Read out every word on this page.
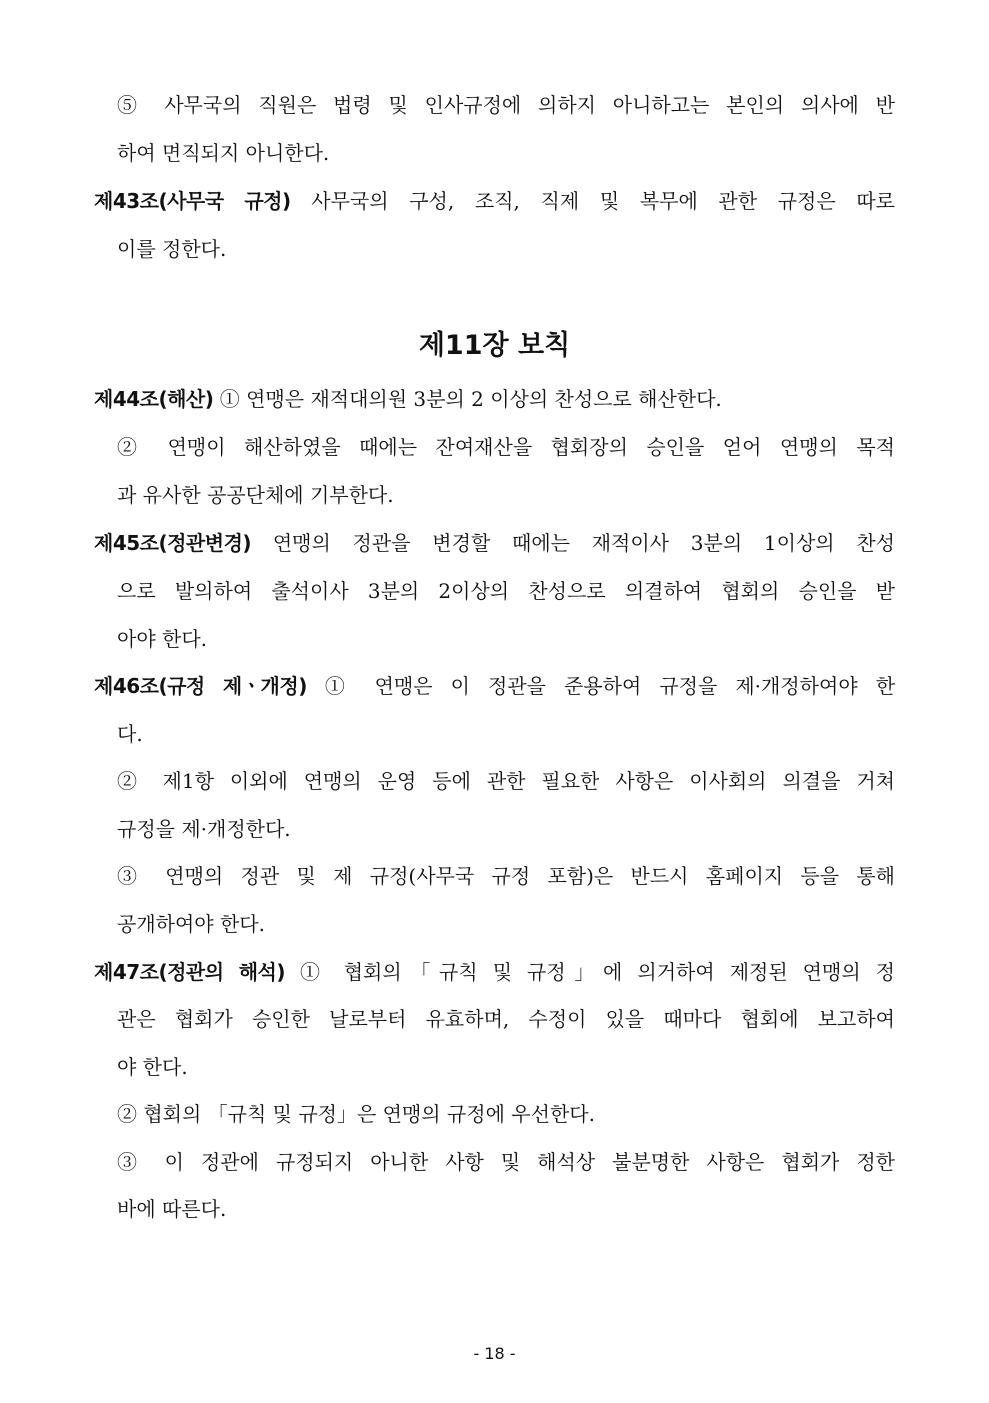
⑤ 사무국의 직원은 법령 및 인사규정에 의하지 아니하고는 본인의 의사에 반
하여 면직되지 아니한다.
제43조(사무국 규정) 사무국의 구성, 조직, 직제 및 복무에 관한 규정은 따로
이를 정한다.
제11장 보칙
제44조(해산) ① 연맹은 재적대의원 3분의 2 이상의 찬성으로 해산한다.
② 연맹이 해산하였을 때에는 잔여재산을 협회장의 승인을 얻어 연맹의 목적
과 유사한 공공단체에 기부한다.
제45조(정관변경) 연맹의 정관을 변경할 때에는 재적이사 3분의 1이상의 찬성
으로 발의하여 출석이사 3분의 2이상의 찬성으로 의결하여 협회의 승인을 받
아야 한다.
제46조(규정 제ㆍ개정) ① 연맹은 이 정관을 준용하여 규정을 제·개정하여야 한
다.
② 제1항 이외에 연맹의 운영 등에 관한 필요한 사항은 이사회의 의결을 거쳐
규정을 제·개정한다.
③ 연맹의 정관 및 제 규정(사무국 규정 포함)은 반드시 홈페이지 등을 통해
공개하여야 한다.
제47조(정관의 해석) ① 협회의「규칙 및 규정」에 의거하여 제정된 연맹의 정
관은 협회가 승인한 날로부터 유효하며, 수정이 있을 때마다 협회에 보고하여
야 한다.
② 협회의 「규칙 및 규정」은 연맹의 규정에 우선한다.
③ 이 정관에 규정되지 아니한 사항 및 해석상 불분명한 사항은 협회가 정한
바에 따른다.
- 18 -
